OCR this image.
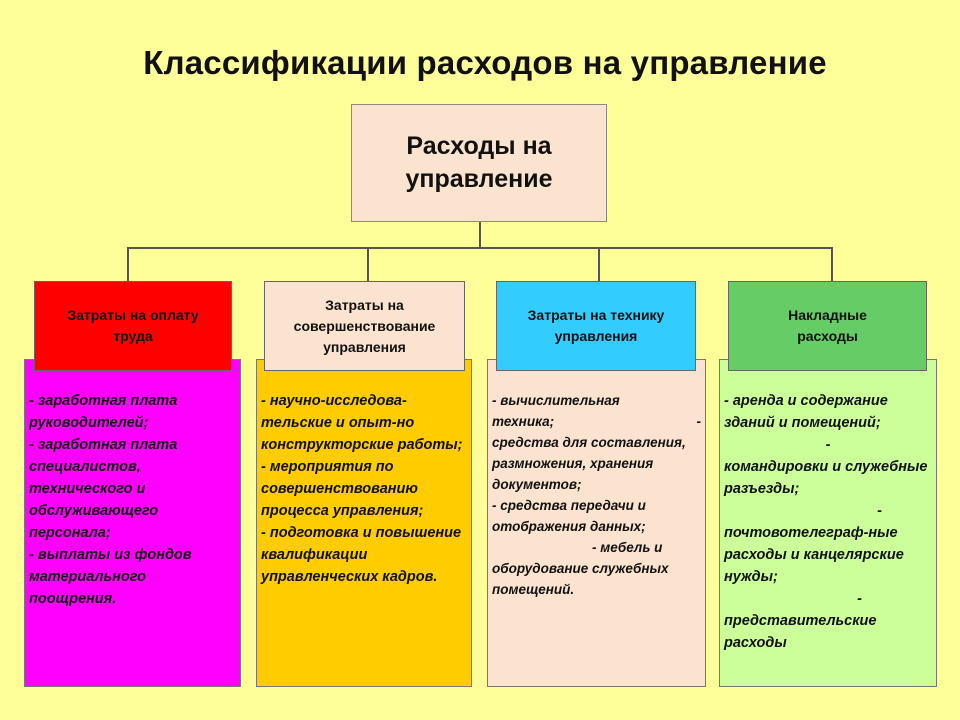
Классификации расходов на управление
Расходы на
управление

- заработная плата руководителей;

- заработная плата специалистов, технического и обслуживающего персонала;

- выплаты из фондов материального поощрения.

- научно-исследова-тельские и опыт-но конструкторские работы;

- мероприятия по совершенствованию процесса управления;

- подготовка и повышение квалификации управленческих кадров.

- вычислительная техника;	-

средства для составления, размножения, хранения документов;

- средства передачи и отображения данных;

- мебель и оборудование служебных помещений.

- аренда и содержание зданий и помещений;

-

командировки и служебные разъезды;

-

почтовотелеграф-ные расходы и канцелярские нужды;

-

представительские расходы

Затраты на оплату
труда
Затраты на
совершенствование
управления
Затраты на технику
управления
Накладные
расходы
